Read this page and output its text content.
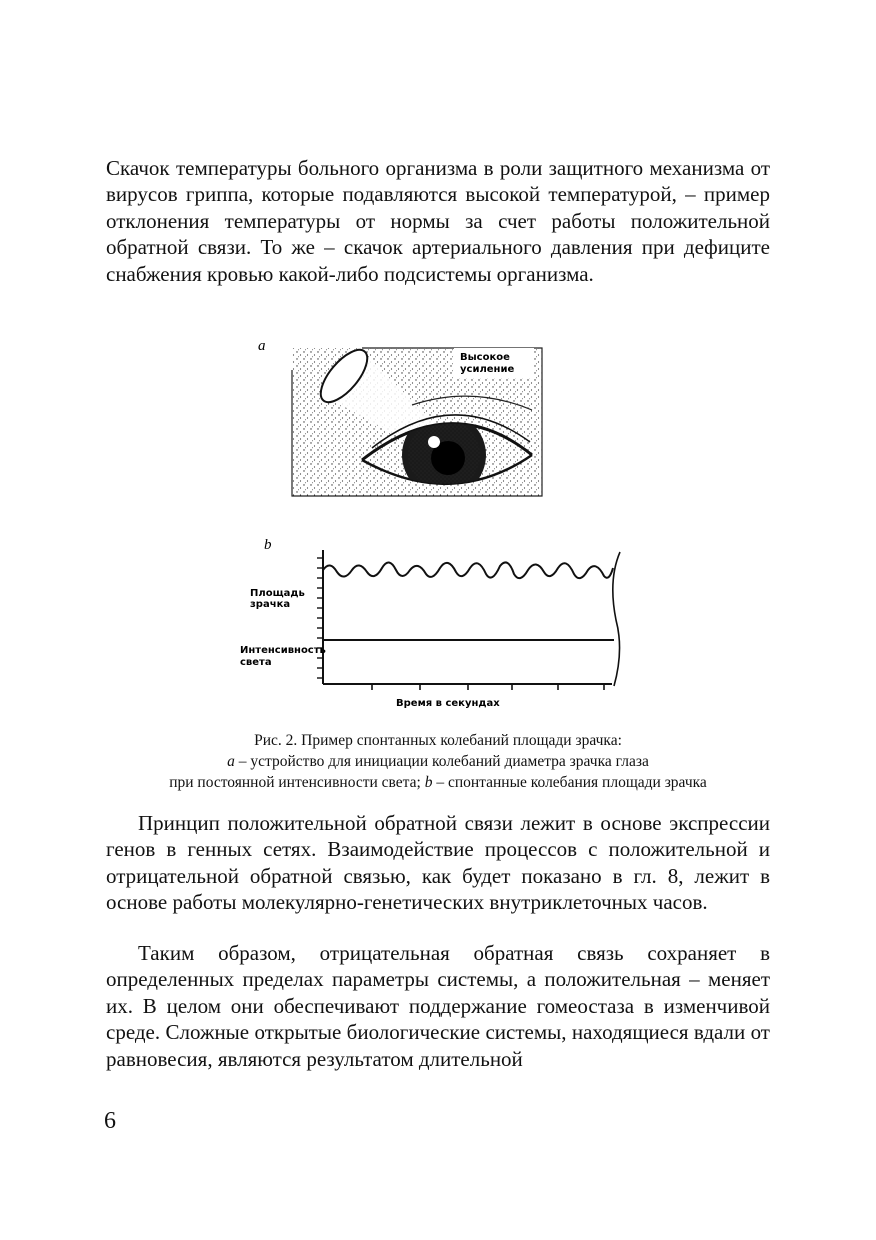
Скачок температуры больного организма в роли защитного механизма от вирусов гриппа, которые подавляются высокой температурой, – пример отклонения температуры от нормы за счет работы положительной обратной связи. То же – скачок артериального давления при дефиците снабжения кровью какой-либо подсистемы организма.

a
Высокое
усиление
b
Площадь
зрачка
Интенсивность
света
Время в секундах
Рис. 2. Пример спонтанных колебаний площади зрачка:
a – устройство для инициации колебаний диаметра зрачка глаза
при постоянной интенсивности света; b – спонтанные колебания площади зрачка

Принцип положительной обратной связи лежит в основе экспрессии генов в генных сетях. Взаимодействие процессов с положительной и отрицательной обратной связью, как будет показано в гл. 8, лежит в основе работы молекулярно-генетических внутриклеточных часов.

Таким образом, отрицательная обратная связь сохраняет в определенных пределах параметры системы, а положительная – меняет их. В целом они обеспечивают поддержание гомеостаза в изменчивой среде. Сложные открытые биологические системы, находящиеся вдали от равновесия, являются результатом длительной

6
